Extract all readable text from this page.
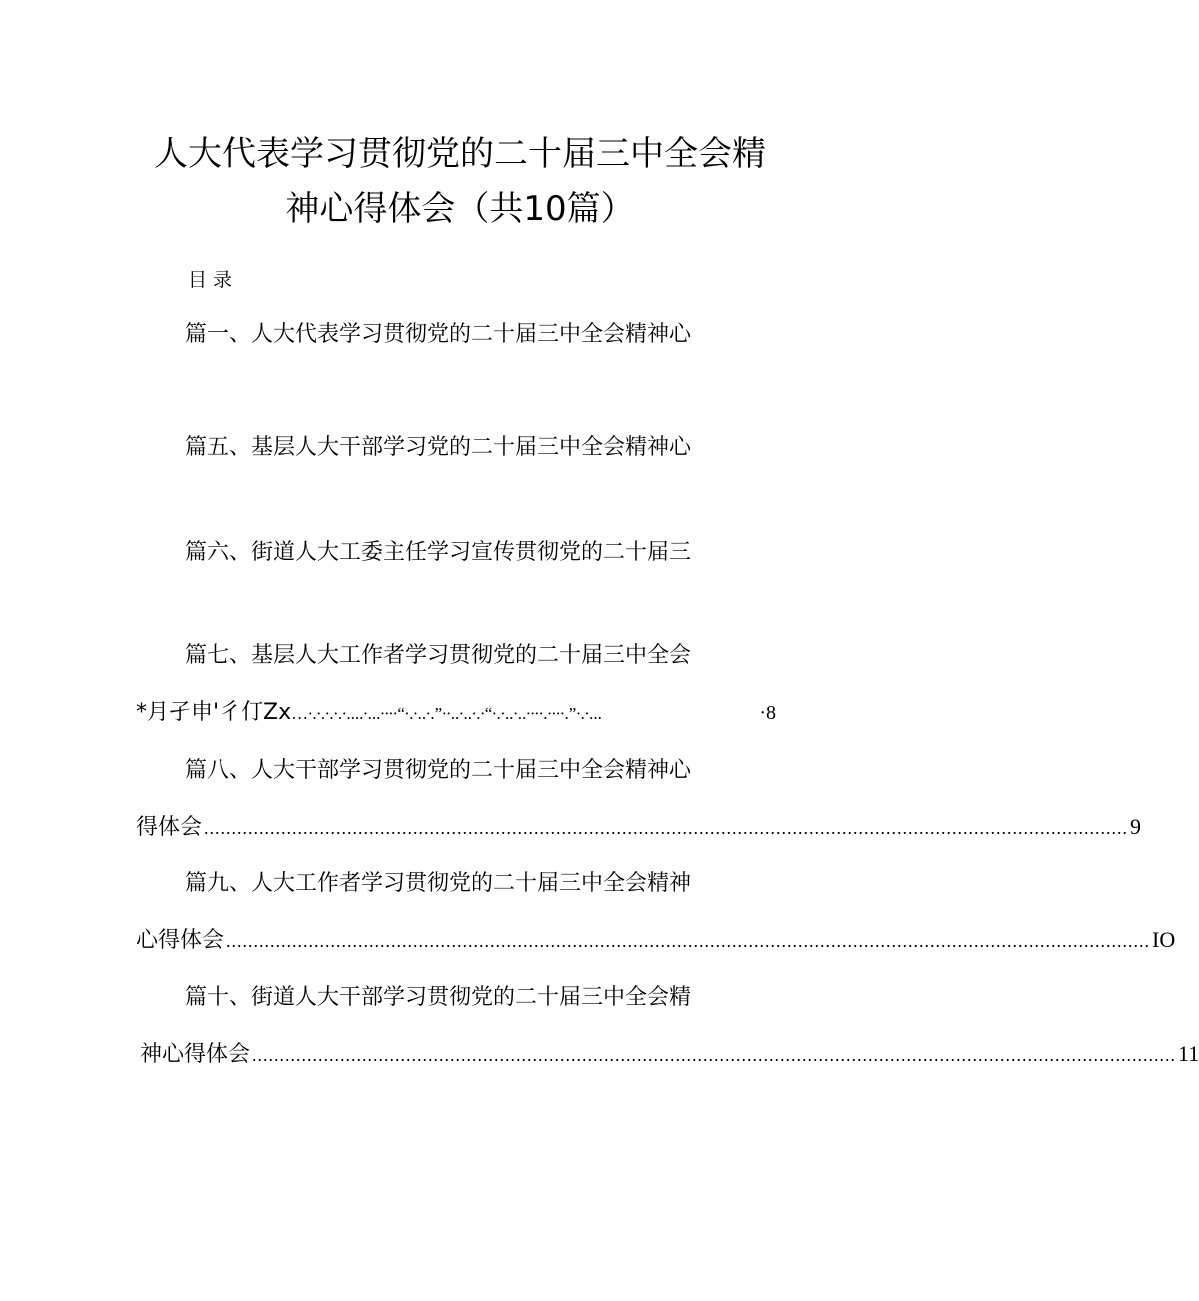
人大代表学习贯彻党的二十届三中全会精
神心得体会（共10篇）
目录
篇一、人大代表学习贯彻党的二十届三中全会精神心
篇五、基层人大干部学习党的二十届三中全会精神心
篇六、街道人大工委主任学习宣传贯彻党的二十届三
篇七、基层人大工作者学习贯彻党的二十届三中全会
*月孑申'彳仃Zx …∙.∙.∙.∙.∙....∙...∙∙∙∙“∙.∙..∙.”∙∙..∙..∙.∙“∙.∙..∙..∙∙∙∙.∙∙∙∙.”∙.∙...	·8
篇八、人大干部学习贯彻党的二十届三中全会精神心
得体会 ........................................................................................................................................................................ 9
篇九、人大工作者学习贯彻党的二十届三中全会精神
心得体会 ........................................................................................................................................................................ IO
篇十、街道人大干部学习贯彻党的二十届三中全会精
神心得体会 ........................................................................................................................................................................ 11
